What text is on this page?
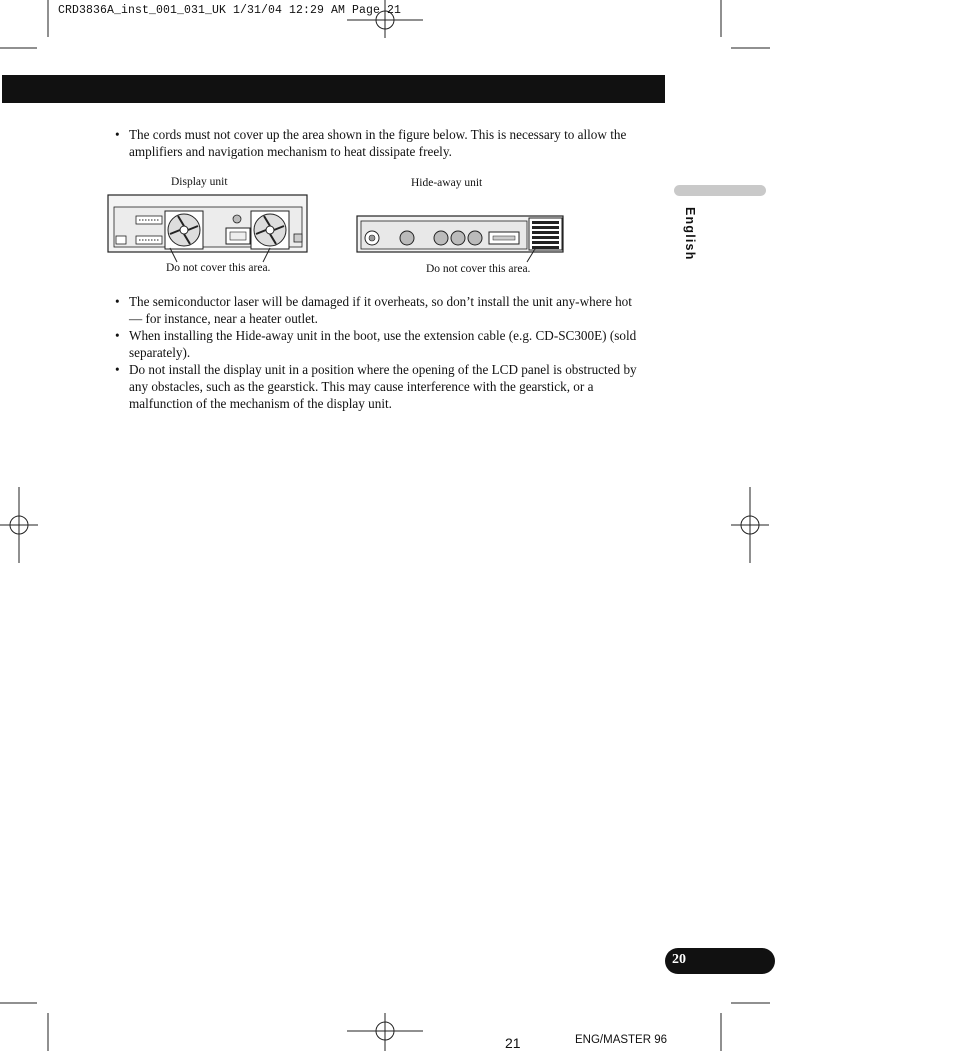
CRD3836A_inst_001_031_UK 1/31/04 12:29 AM Page 21
• The cords must not cover up the area shown in the figure below. This is necessary to allow the amplifiers and navigation mechanism to heat dissipate freely.
Display unit	Hide-away unit
Do not cover this area.	Do not cover this area.
• The semiconductor laser will be damaged if it overheats, so don’t install the unit any-where hot — for instance, near a heater outlet.
• When installing the Hide-away unit in the boot, use the extension cable (e.g. CD-SC300E) (sold separately).
• Do not install the display unit in a position where the opening of the LCD panel is obstructed by any obstacles, such as the gearstick. This may cause interference with the gearstick, or a malfunction of the mechanism of the display unit.
English
20
21	ENG/MASTER 96
